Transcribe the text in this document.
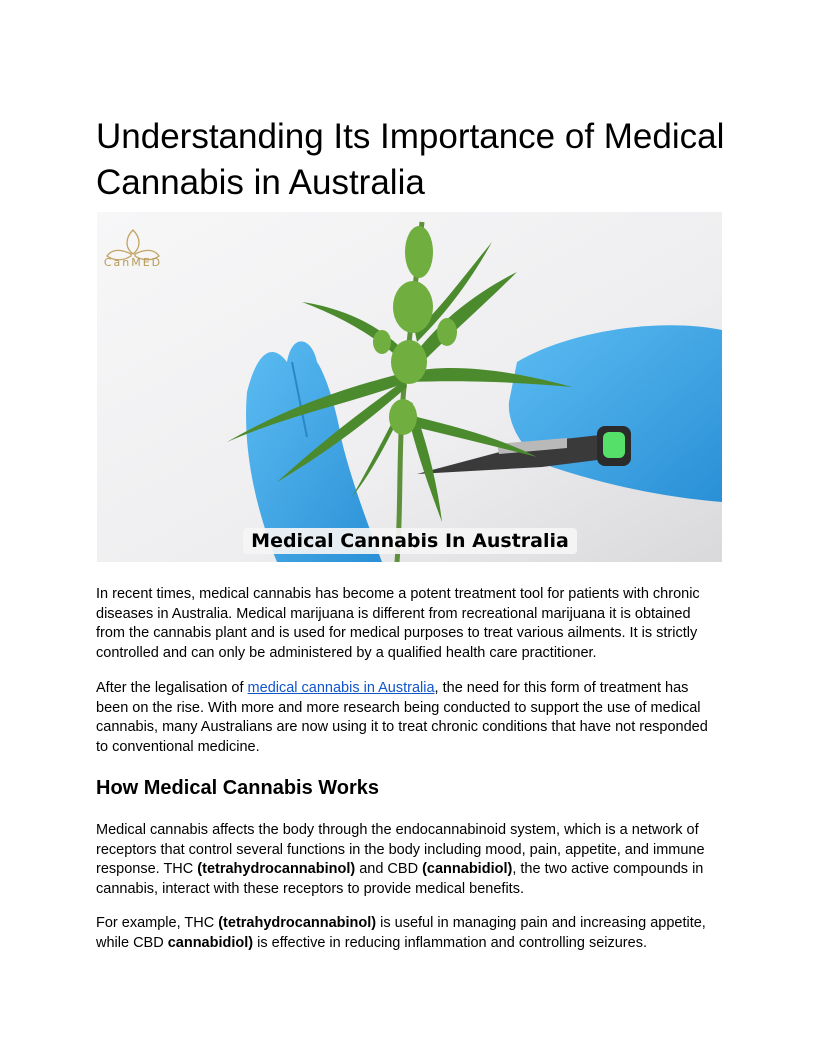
Understanding Its Importance of Medical Cannabis in Australia
CanMED
Medical Cannabis In Australia

In recent times, medical cannabis has become a potent treatment tool for patients with chronic diseases in Australia. Medical marijuana is different from recreational marijuana it is obtained from the cannabis plant and is used for medical purposes to treat various ailments. It is strictly controlled and can only be administered by a qualified health care practitioner.

After the legalisation of medical cannabis in Australia, the need for this form of treatment has been on the rise. With more and more research being conducted to support the use of medical cannabis, many Australians are now using it to treat chronic conditions that have not responded to conventional medicine.

How Medical Cannabis Works

Medical cannabis affects the body through the endocannabinoid system, which is a network of receptors that control several functions in the body including mood, pain, appetite, and immune response. THC (tetrahydrocannabinol) and CBD (cannabidiol), the two active compounds in cannabis, interact with these receptors to provide medical benefits.

For example, THC (tetrahydrocannabinol) is useful in managing pain and increasing appetite, while CBD cannabidiol) is effective in reducing inflammation and controlling seizures.
